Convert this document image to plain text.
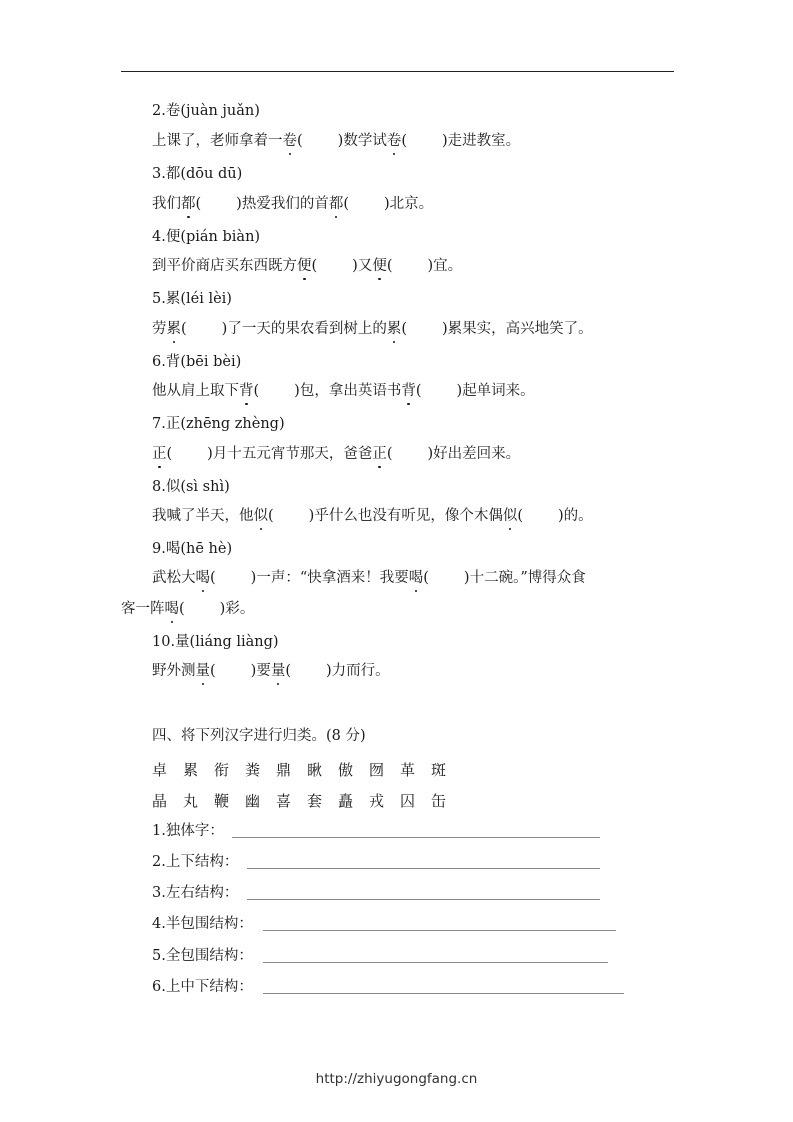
2.卷(juàn juǎn)
上课了，老师拿着一卷( )数学试卷( )走进教室。
3.都(dōu dū)
我们都( )热爱我们的首都( )北京。
4.便(pián biàn)
到平价商店买东西既方便( )又便( )宜。
5.累(léi lèi)
劳累( )了一天的果农看到树上的累( )累果实，高兴地笑了。
6.背(bēi bèi)
他从肩上取下背( )包，拿出英语书背( )起单词来。
7.正(zhēng zhèng)
正( )月十五元宵节那天，爸爸正( )好出差回来。
8.似(sì shì)
我喊了半天，他似( )乎什么也没有听见，像个木偶似( )的。
9.喝(hē hè)
武松大喝( )一声：“快拿酒来！我要喝( )十二碗。”博得众食
客一阵喝( )彩。
10.量(liáng liàng)
野外测量( )要量( )力而行。
四、将下列汉字进行归类。(8 分)
卓 累 衔 粪 鼎 瞅 傲 囫 革 斑
晶 丸 鞭 幽 喜 套 矗 戎 囚 缶
1.独体字：
2.上下结构：
3.左右结构：
4.半包围结构：
5.全包围结构：
6.上中下结构：
http://zhiyugongfang.cn
